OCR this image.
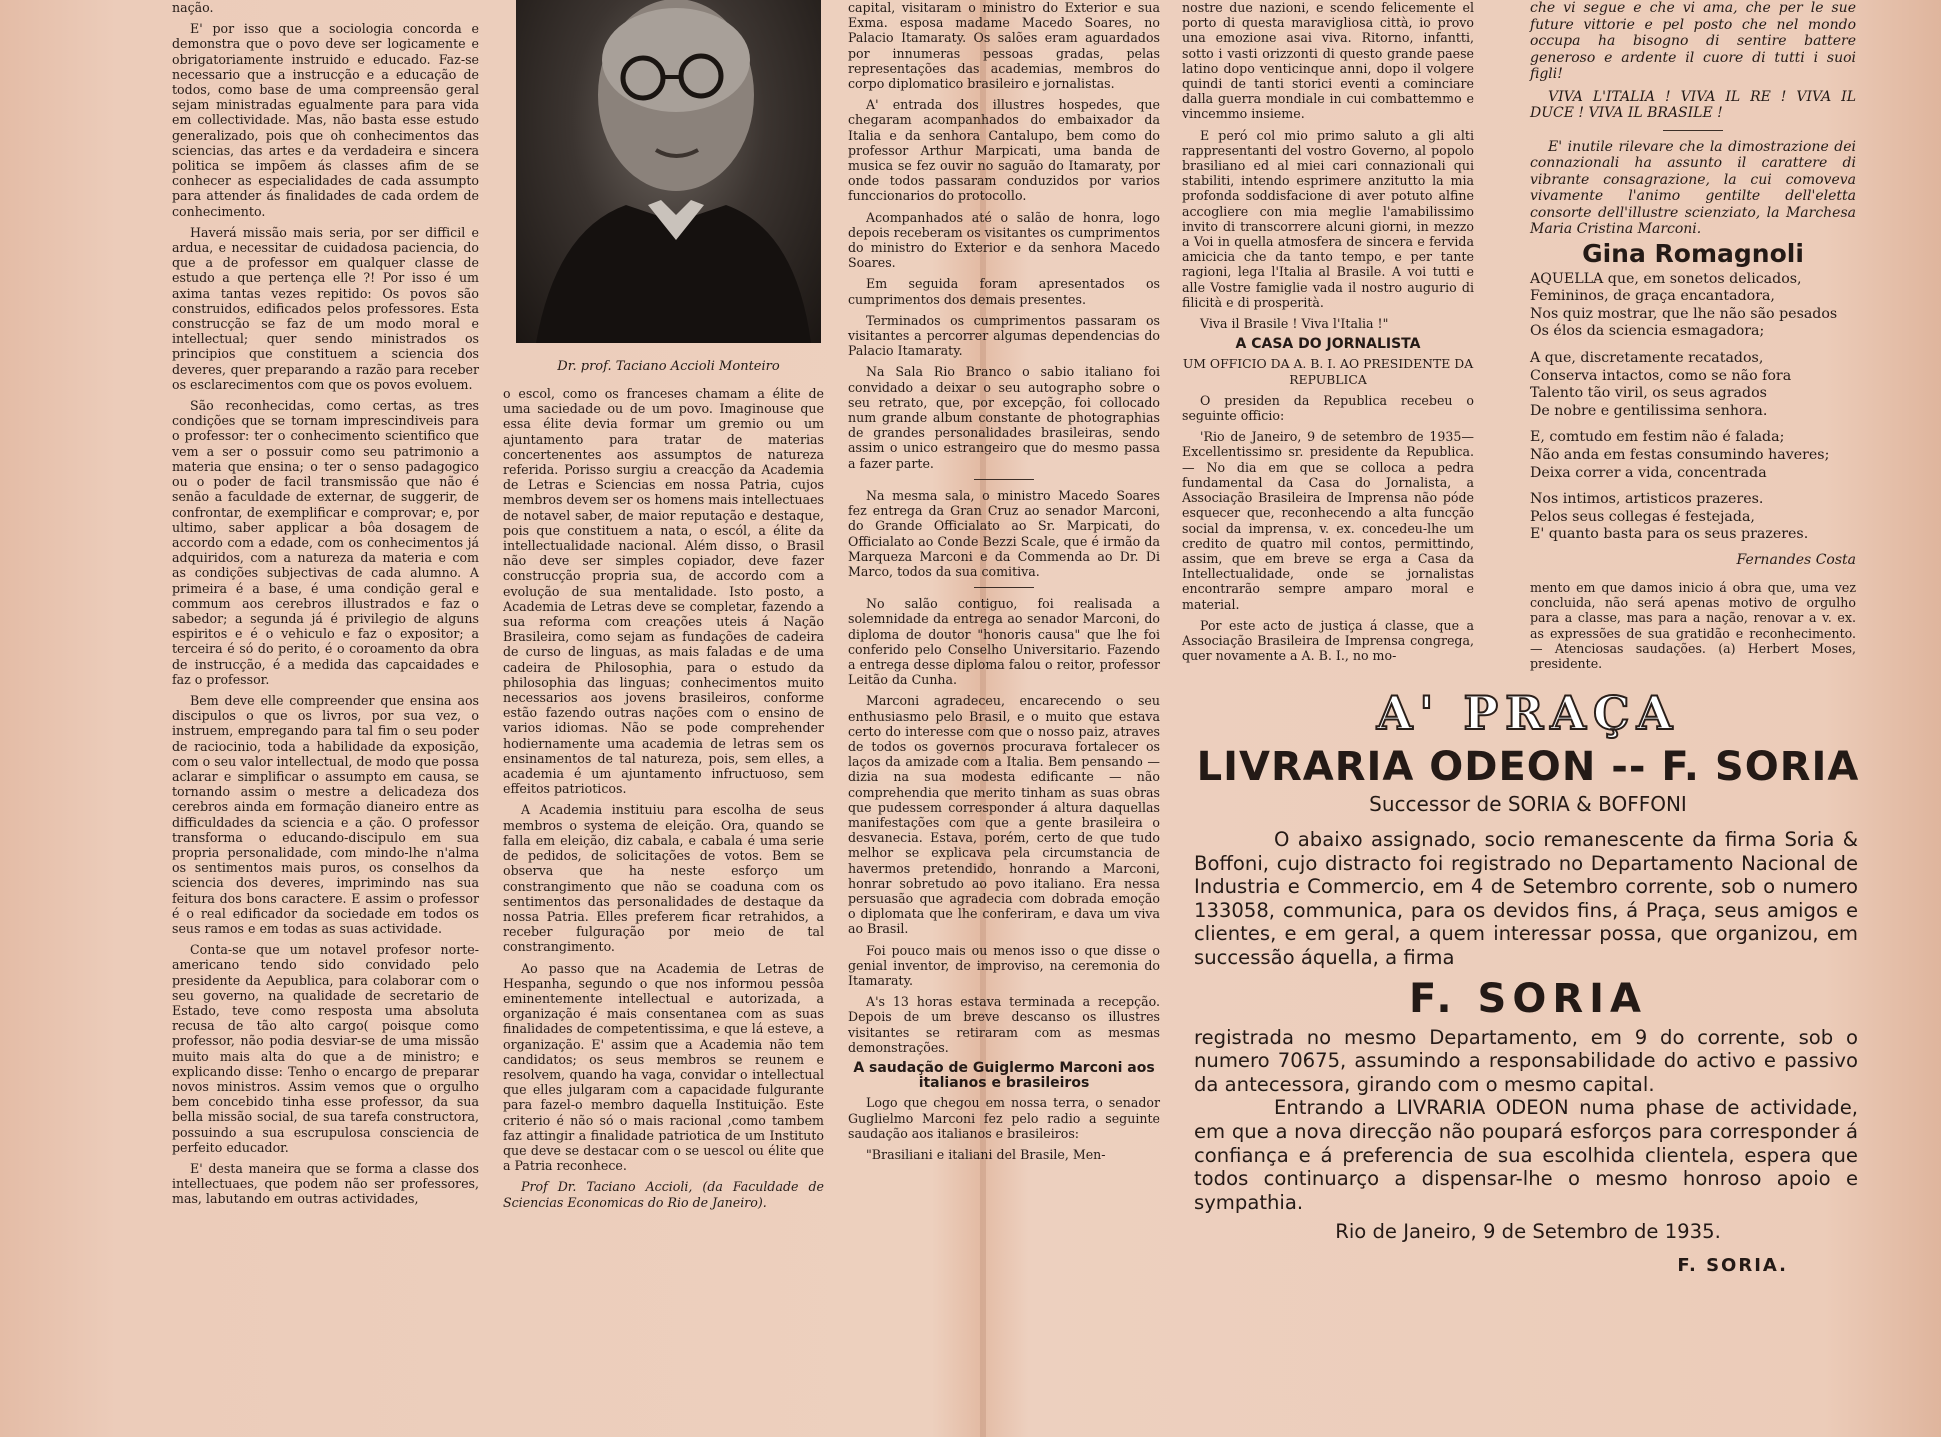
nação.

E' por isso que a sociologia concorda e demonstra que o povo deve ser logicamente e obrigatoriamente instruido e educado. Faz-se necessario que a instrucção e a educação de todos, como base de uma compreensão geral sejam ministradas egualmente para para vida em collectividade. Mas, não basta esse estudo generalizado, pois que oh conhecimentos das sciencias, das artes e da verdadeira e sincera politica se impõem ás classes afim de se conhecer as especialidades de cada assumpto para attender ás finalidades de cada ordem de conhecimento.

Haverá missão mais seria, por ser difficil e ardua, e necessitar de cuidadosa paciencia, do que a de professor em qualquer classe de estudo a que pertença elle ?! Por isso é um axima tantas vezes repitido: Os povos são construidos, edificados pelos professores. Esta construcção se faz de um modo moral e intellectual; quer sendo ministrados os principios que constituem a sciencia dos deveres, quer preparando a razão para receber os esclarecimentos com que os povos evoluem.

São reconhecidas, como certas, as tres condições que se tornam imprescindiveis para o professor: ter o conhecimento scientifico que vem a ser o possuir como seu patrimonio a materia que ensina; o ter o senso padagogico ou o poder de facil transmissão que não é senão a faculdade de externar, de suggerir, de confrontar, de exemplificar e comprovar; e, por ultimo, saber applicar a bôa dosagem de accordo com a edade, com os conhecimentos já adquiridos, com a natureza da materia e com as condições subjectivas de cada alumno. A primeira é a base, é uma condição geral e commum aos cerebros illustrados e faz o sabedor; a segunda já é privilegio de alguns espiritos e é o vehiculo e faz o expositor; a terceira é só do perito, é o coroamento da obra de instrucção, é a medida das capcaidades e faz o professor.

Bem deve elle compreender que ensina aos discipulos o que os livros, por sua vez, o instruem, empregando para tal fim o seu poder de raciocinio, toda a habilidade da exposição, com o seu valor intellectual, de modo que possa aclarar e simplificar o assumpto em causa, se tornando assim o mestre a delicadeza dos cerebros ainda em formação dianeiro entre as difficuldades da sciencia e a ção. O professor transforma o educando-discipulo em sua propria personalidade, com mindo-lhe n'alma os sentimentos mais puros, os conselhos da sciencia dos deveres, imprimindo nas sua feitura dos bons caractere. E assim o professor é o real edificador da sociedade em todos os seus ramos e em todas as suas actividade.

Conta-se que um notavel profesor norte-americano tendo sido convidado pelo presidente da Aepublica, para colaborar com o seu governo, na qualidade de secretario de Estado, teve como resposta uma absoluta recusa de tão alto cargo( poisque como professor, não podia desviar-se de uma missão muito mais alta do que a de ministro; e explicando disse: Tenho o encargo de preparar novos ministros. Assim vemos que o orgulho bem concebido tinha esse professor, da sua bella missão social, de sua tarefa constructora, possuindo a sua escrupulosa consciencia de perfeito educador.

E' desta maneira que se forma a classe dos intellectuaes, que podem não ser professores, mas, labutando em outras actividades,

Dr. prof. Taciano Accioli Monteiro

o escol, como os franceses chamam a élite de uma saciedade ou de um povo. Imaginouse que essa élite devia formar um gremio ou um ajuntamento para tratar de materias concertenentes aos assumptos de natureza referida. Porisso surgiu a creacção da Academia de Letras e Sciencias em nossa Patria, cujos membros devem ser os homens mais intellectuaes de notavel saber, de maior reputação e destaque, pois que constituem a nata, o escól, a élite da intellectualidade nacional. Além disso, o Brasil não deve ser simples copiador, deve fazer construcção propria sua, de accordo com a evolução de sua mentalidade. Isto posto, a Academia de Letras deve se completar, fazendo a sua reforma com creações uteis á Nação Brasileira, como sejam as fundações de cadeira de curso de linguas, as mais faladas e de uma cadeira de Philosophia, para o estudo da philosophia das linguas; conhecimentos muito necessarios aos jovens brasileiros, conforme estão fazendo outras nações com o ensino de varios idiomas. Não se pode comprehender hodiernamente uma academia de letras sem os ensinamentos de tal natureza, pois, sem elles, a academia é um ajuntamento infructuoso, sem effeitos patrioticos.

A Academia instituiu para escolha de seus membros o systema de eleição. Ora, quando se falla em eleição, diz cabala, e cabala é uma serie de pedidos, de solicitações de votos. Bem se observa que ha neste esforço um constrangimento que não se coaduna com os sentimentos das personalidades de destaque da nossa Patria. Elles preferem ficar retrahidos, a receber fulguração por meio de tal constrangimento.

Ao passo que na Academia de Letras de Hespanha, segundo o que nos informou pessôa eminentemente intellectual e autorizada, a organização é mais consentanea com as suas finalidades de competentissima, e que lá esteve, a organização. E' assim que a Academia não tem candidatos; os seus membros se reunem e resolvem, quando ha vaga, convidar o intellectual que elles julgaram com a capacidade fulgurante para fazel-o membro daquella Instituição. Este criterio é não só o mais racional ,como tambem faz attingir a finalidade patriotica de um Instituto que deve se destacar com o se uescol ou élite que a Patria reconhece.

Prof Dr. Taciano Accioli, (da Faculdade de Sciencias Economicas do Rio de Janeiro).

capital, visitaram o ministro do Exterior e sua Exma. esposa madame Macedo Soares, no Palacio Itamaraty. Os salões eram aguardados por innumeras pessoas gradas, pelas representações das academias, membros do corpo diplomatico brasileiro e jornalistas.

A' entrada dos illustres hospedes, que chegaram acompanhados do embaixador da Italia e da senhora Cantalupo, bem como do professor Arthur Marpicati, uma banda de musica se fez ouvir no saguão do Itamaraty, por onde todos passaram conduzidos por varios funccionarios do protocollo.

Acompanhados até o salão de honra, logo depois receberam os visitantes os cumprimentos do ministro do Exterior e da senhora Macedo Soares.

Em seguida foram apresentados os cumprimentos dos demais presentes.

Terminados os cumprimentos passaram os visitantes a percorrer algumas dependencias do Palacio Itamaraty.

Na Sala Rio Branco o sabio italiano foi convidado a deixar o seu autographo sobre o seu retrato, que, por excepção, foi collocado num grande album constante de photographias de grandes personalidades brasileiras, sendo assim o unico estrangeiro que do mesmo passa a fazer parte.

Na mesma sala, o ministro Macedo Soares fez entrega da Gran Cruz ao senador Marconi, do Grande Officialato ao Sr. Marpicati, do Officialato ao Conde Bezzi Scale, que é irmão da Marqueza Marconi e da Commenda ao Dr. Di Marco, todos da sua comitiva.

No salão contiguo, foi realisada a solemnidade da entrega ao senador Marconi, do diploma de doutor "honoris causa" que lhe foi conferido pelo Conselho Universitario. Fazendo a entrega desse diploma falou o reitor, professor Leitão da Cunha.

Marconi agradeceu, encarecendo o seu enthusiasmo pelo Brasil, e o muito que estava certo do interesse com que o nosso paiz, atraves de todos os governos procurava fortalecer os laços da amizade com a Italia. Bem pensando — dizia na sua modesta edificante — não comprehendia que merito tinham as suas obras que pudessem corresponder á altura daquellas manifestações com que a gente brasileira o desvanecia. Estava, porém, certo de que tudo melhor se explicava pela circumstancia de havermos pretendido, honrando a Marconi, honrar sobretudo ao povo italiano. Era nessa persuasão que agradecia com dobrada emoção o diplomata que lhe conferiram, e dava um viva ao Brasil.

Foi pouco mais ou menos isso o que disse o genial inventor, de improviso, na ceremonia do Itamaraty.

A's 13 horas estava terminada a recepção. Depois de um breve descanso os illustres visitantes se retiraram com as mesmas demonstrações.

A saudação de Guiglermo Marconi aos italianos e brasileiros

Logo que chegou em nossa terra, o senador Guglielmo Marconi fez pelo radio a seguinte saudação aos italianos e brasileiros:

"Brasiliani e italiani del Brasile, Men-

nostre due nazioni, e scendo felicemente el porto di questa maravigliosa città, io provo una emozione asai viva. Ritorno, infantti, sotto i vasti orizzonti di questo grande paese latino dopo venticinque anni, dopo il volgere quindi de tanti storici eventi a cominciare dalla guerra mondiale in cui combattemmo e vincemmo insieme.

E peró col mio primo saluto a gli alti rappresentanti del vostro Governo, al popolo brasiliano ed al miei cari connazionali qui stabiliti, intendo esprimere anzitutto la mia profonda soddisfacione di aver potuto alfine accogliere con mia meglie l'amabilissimo invito di transcorrere alcuni giorni, in mezzo a Voi in quella atmosfera de sincera e fervida amicicia che da tanto tempo, e per tante ragioni, lega l'Italia al Brasile. A voi tutti e alle Vostre famiglie vada il nostro augurio di filicità e di prosperità.

Viva il Brasile ! Viva l'Italia !"

A CASA DO JORNALISTA
UM OFFICIO DA A. B. I. AO PRESIDENTE DA REPUBLICA

O presiden da Republica recebeu o seguinte officio:

'Rio de Janeiro, 9 de setembro de 1935— Excellentissimo sr. presidente da Republica. — No dia em que se colloca a pedra fundamental da Casa do Jornalista, a Associação Brasileira de Imprensa não póde esquecer que, reconhecendo a alta funcção social da imprensa, v. ex. concedeu-lhe um credito de quatro mil contos, permittindo, assim, que em breve se erga a Casa da Intellectualidade, onde se jornalistas encontrarão sempre amparo moral e material.

Por este acto de justiça á classe, que a Associação Brasileira de Imprensa congrega, quer novamente a A. B. I., no mo-

che vi segue e che vi ama, che per le sue future vittorie e pel posto che nel mondo occupa ha bisogno di sentire battere generoso e ardente il cuore di tutti i suoi figli!

VIVA L'ITALIA ! VIVA IL RE ! VIVA IL DUCE ! VIVA IL BRASILE !

E' inutile rilevare che la dimostrazione dei connazionali ha assunto il carattere di vibrante consagrazione, la cui comoveva vivamente l'animo gentilte dell'eletta consorte dell'illustre scienziato, la Marchesa Maria Cristina Marconi.

Gina Romagnoli
AQUELLA que, em sonetos delicados,
Femininos, de graça encantadora,
Nos quiz mostrar, que lhe não são pesados
Os élos da sciencia esmagadora;
A que, discretamente recatados,
Conserva intactos, como se não fora
Talento tão viril, os seus agrados
De nobre e gentilissima senhora.
E, comtudo em festim não é falada;
Não anda em festas consumindo haveres;
Deixa correr a vida, concentrada
Nos intimos, artisticos prazeres.
Pelos seus collegas é festejada,
E' quanto basta para os seus prazeres.
Fernandes Costa

mento em que damos inicio á obra que, uma vez concluida, não será apenas motivo de orgulho para a classe, mas para a nação, renovar a v. ex. as expressões de sua gratidão e reconhecimento. — Atenciosas saudações. (a) Herbert Moses, presidente.

A' PRAÇA
LIVRARIA ODEON -- F. SORIA
Successor de SORIA & BOFFONI

O abaixo assignado, socio remanescente da firma Soria & Boffoni, cujo distracto foi registrado no Departamento Nacional de Industria e Commercio, em 4 de Setembro corrente, sob o numero 133058, communica, para os devidos fins, á Praça, seus amigos e clientes, e em geral, a quem interessar possa, que organizou, em successão áquella, a firma

F. SORIA

registrada no mesmo Departamento, em 9 do corrente, sob o numero 70675, assumindo a responsabilidade do activo e passivo da antecessora, girando com o mesmo capital.

Entrando a LIVRARIA ODEON numa phase de actividade, em que a nova direcção não poupará esforços para corresponder á confiança e á preferencia de sua escolhida clientela, espera que todos continuarço a dispensar-lhe o mesmo honroso apoio e sympathia.

Rio de Janeiro, 9 de Setembro de 1935.
F. SORIA.
